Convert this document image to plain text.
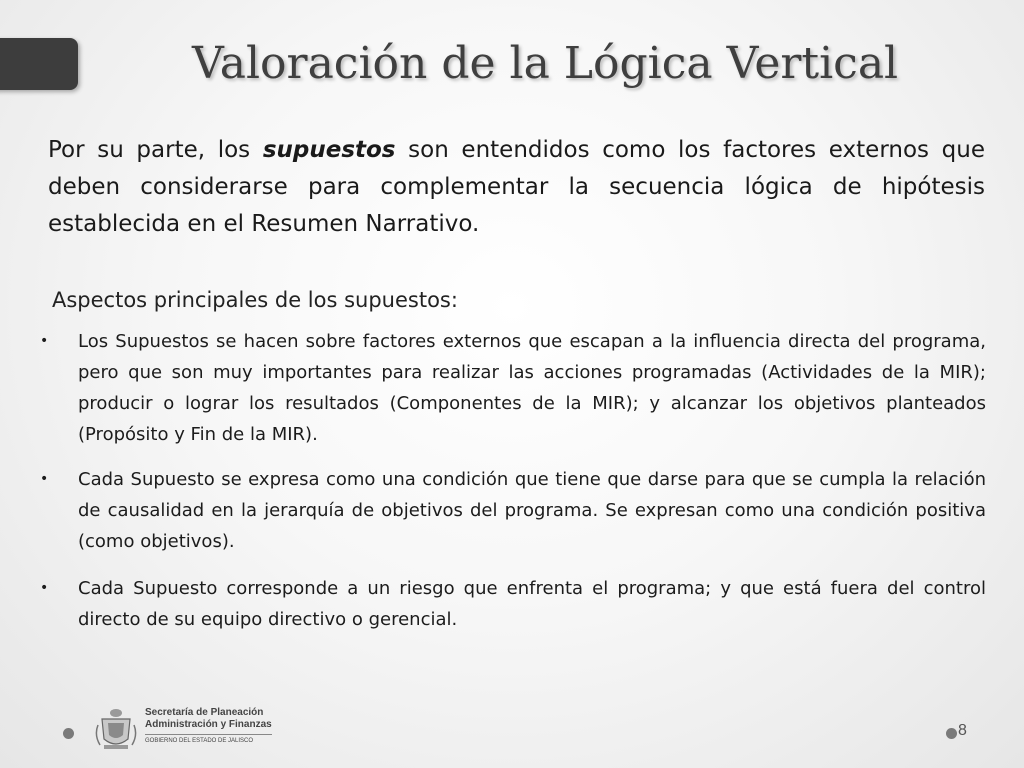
Valoración de la Lógica Vertical

Por su parte, los supuestos son entendidos como los factores externos que deben considerarse para complementar la secuencia lógica de hipótesis establecida en el Resumen Narrativo.

Aspectos principales de los supuestos:

• Los Supuestos se hacen sobre factores externos que escapan a la influencia directa del programa, pero que son muy importantes para realizar las acciones programadas (Actividades de la MIR); producir o lograr los resultados (Componentes de la MIR); y alcanzar los objetivos planteados (Propósito y Fin de la MIR).
• Cada Supuesto se expresa como una condición que tiene que darse para que se cumpla la relación de causalidad en la jerarquía de objetivos del programa. Se expresan como una condición positiva (como objetivos).
• Cada Supuesto corresponde a un riesgo que enfrenta el programa; y que está fuera del control directo de su equipo directivo o gerencial.
Secretaría de Planeación
Administración y Finanzas
GOBIERNO DEL ESTADO DE JALISCO
8
